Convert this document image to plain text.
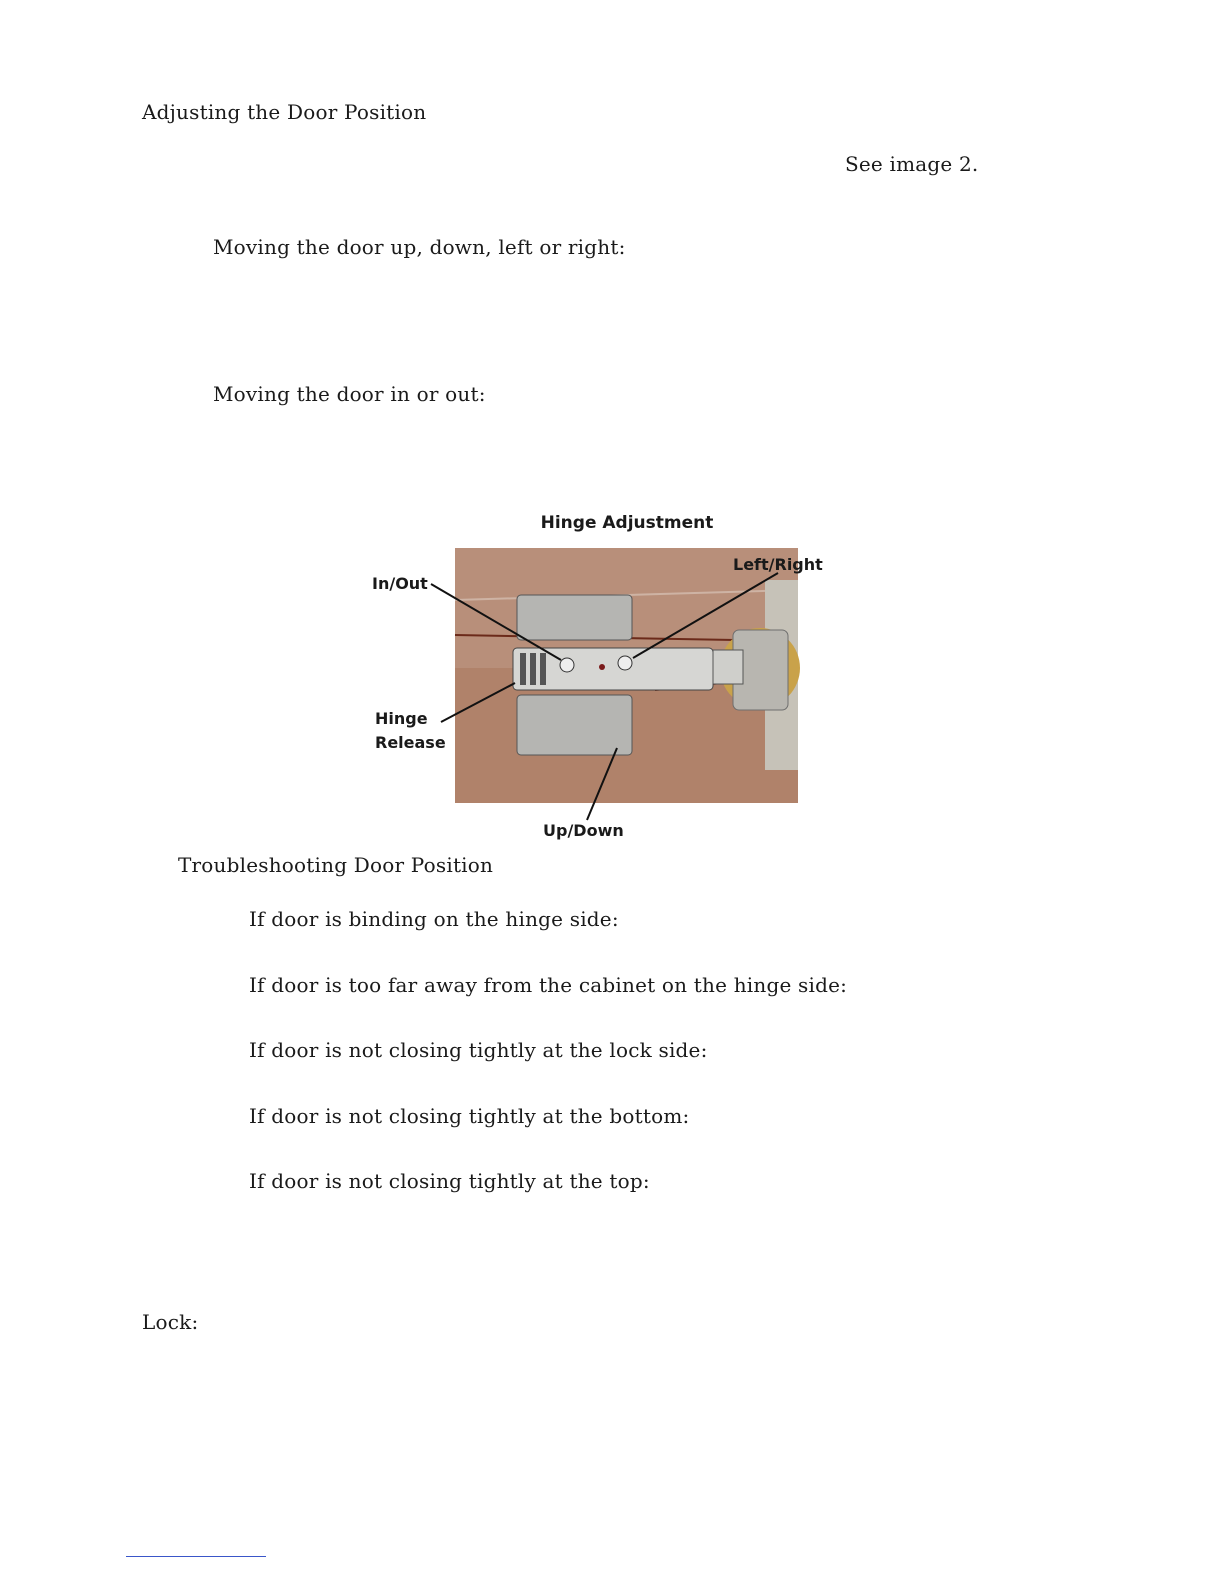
Adjusting the Door Position
See image 2.
Moving the door up, down, left or right:
Moving the door in or out:
Hinge Adjustment
In/Out
Left/Right
Hinge
Release
Up/Down
Troubleshooting Door Position
If door is binding on the hinge side:
If door is too far away from the cabinet on the hinge side:
If door is not closing tightly at the lock side:
If door is not closing tightly at the bottom:
If door is not closing tightly at the top:
Lock:
